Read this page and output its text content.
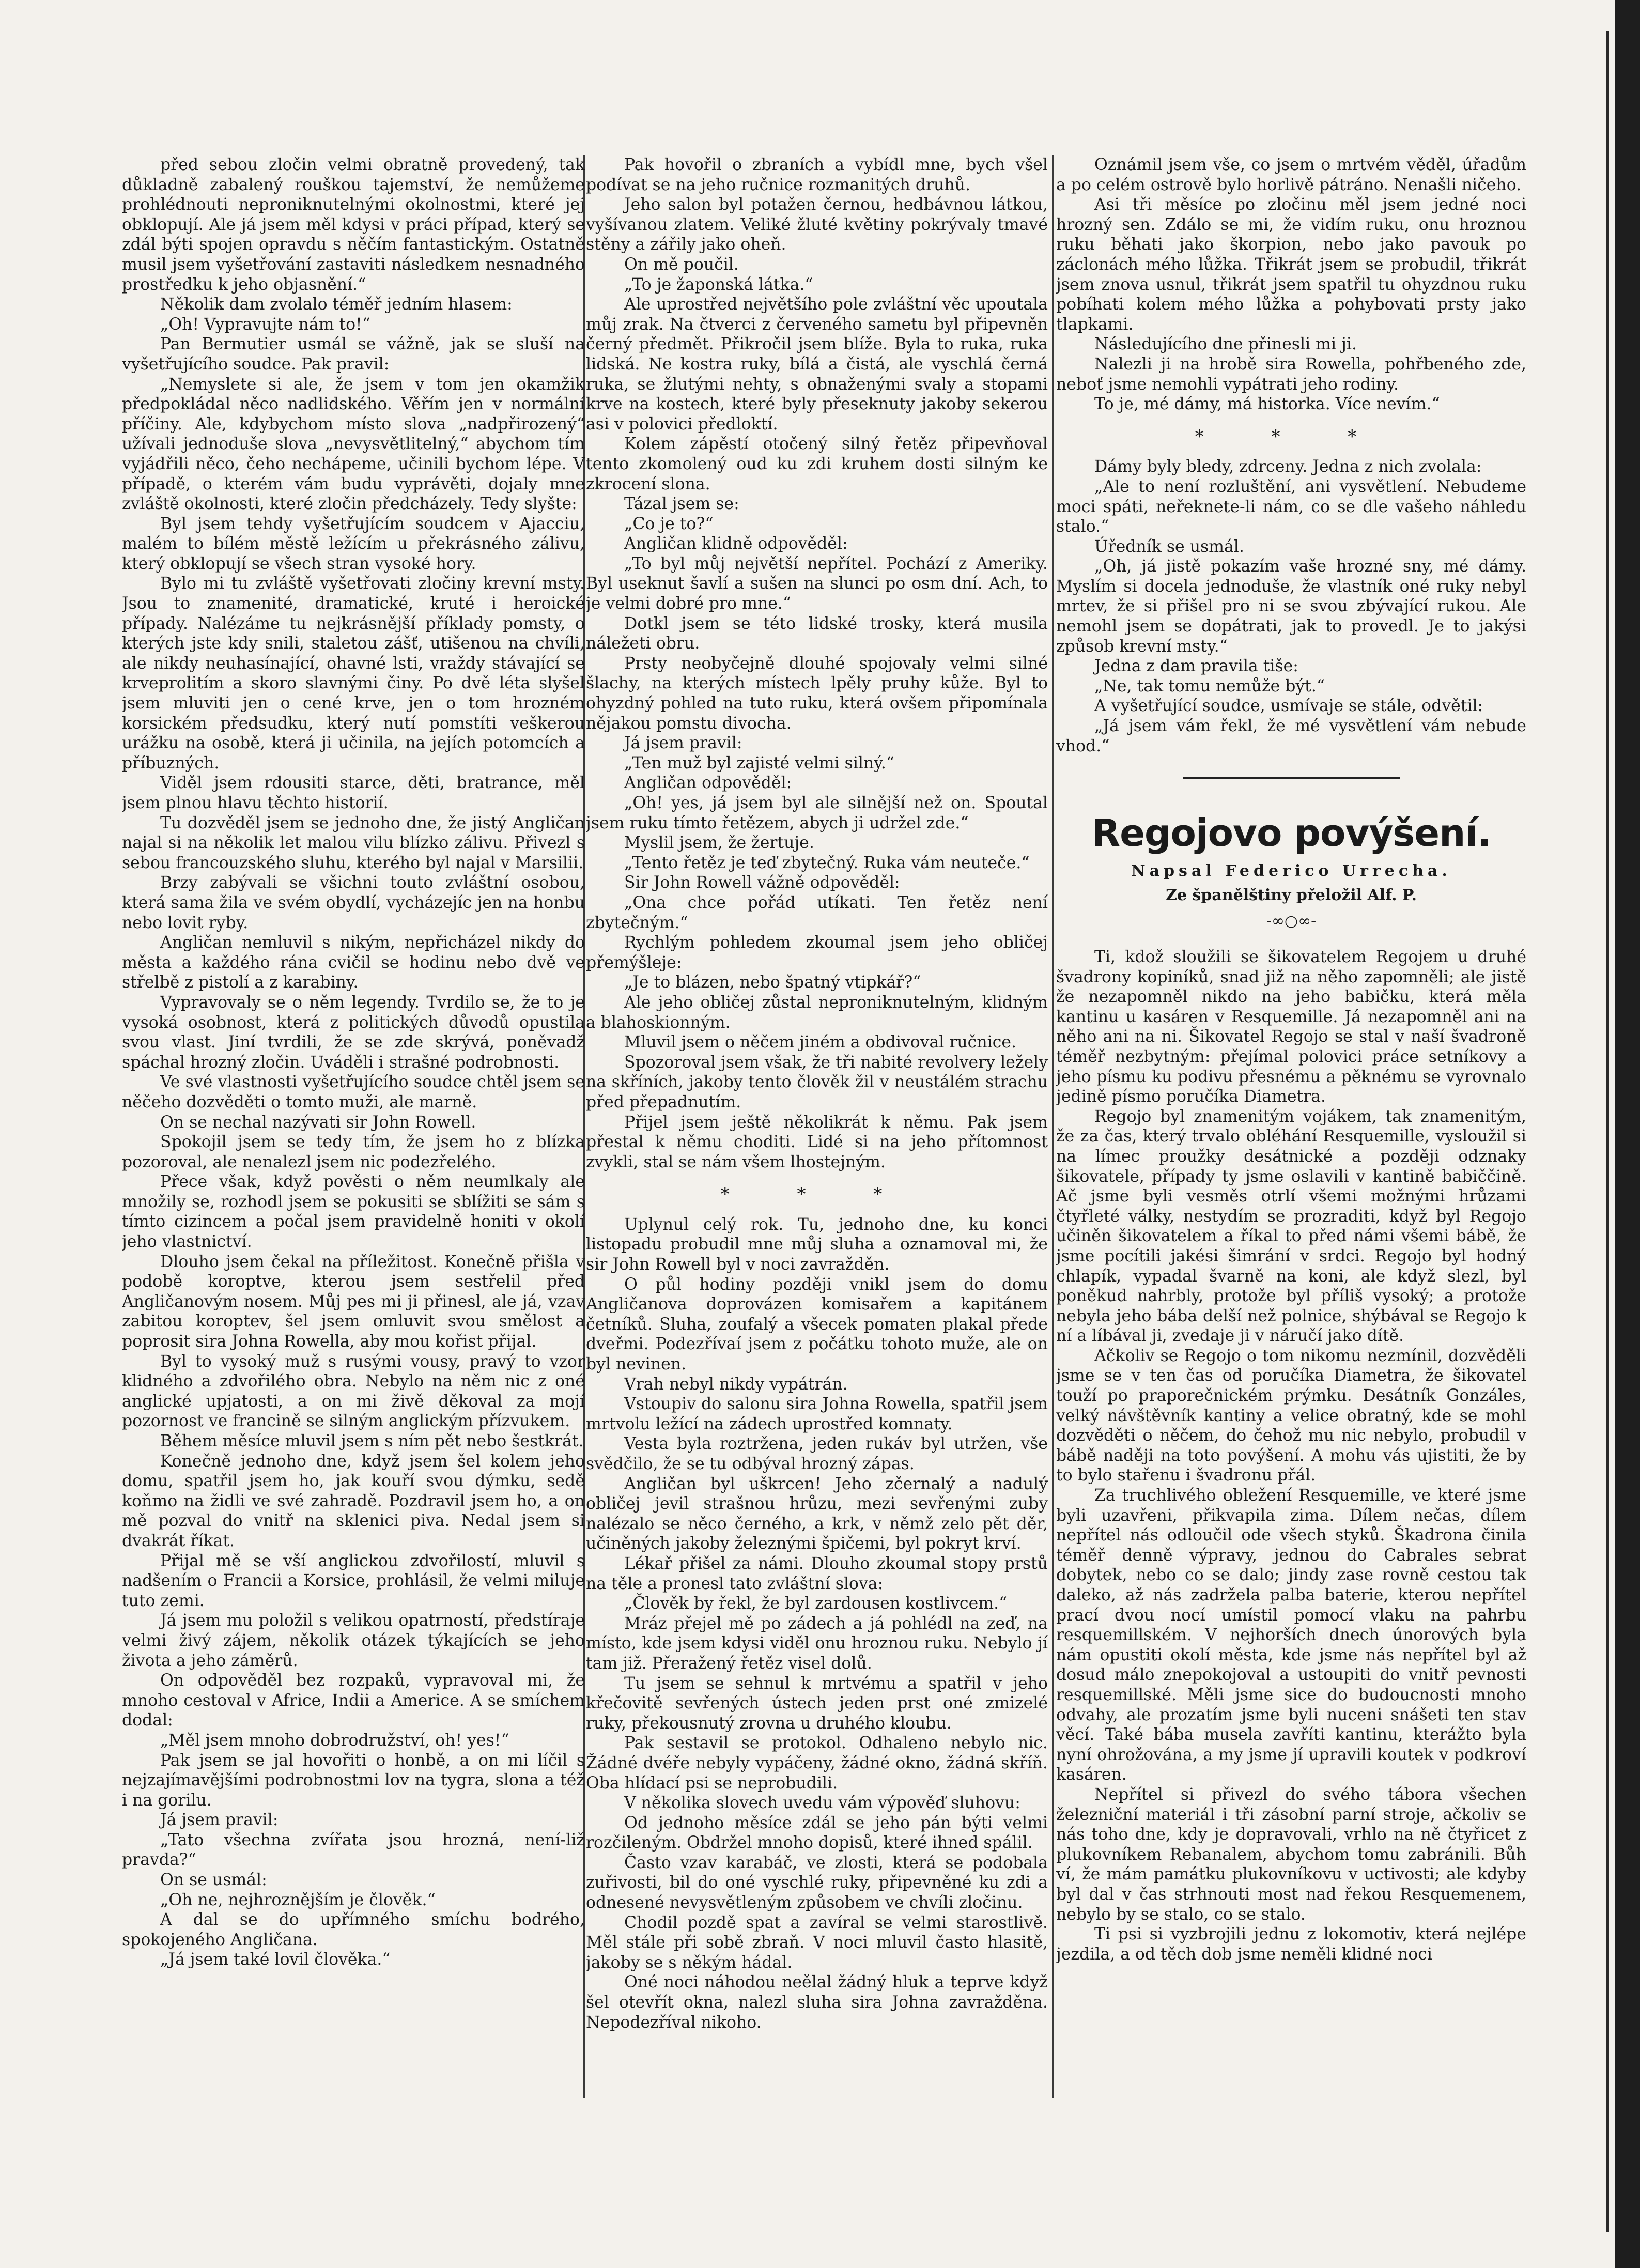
před sebou zločin velmi obratně provedený, tak důkladně zabalený rouškou tajemství, že nemůžeme prohlédnouti neproniknutelnými okolnostmi, které jej obklopují. Ale já jsem měl kdysi v práci případ, který se zdál býti spojen opravdu s něčím fantastickým. Ostatně musil jsem vyšetřování zastaviti následkem nesnadného prostředku k jeho objasnění.“

Několik dam zvolalo téměř jedním hlasem:

„Oh! Vypravujte nám to!“

Pan Bermutier usmál se vážně, jak se sluší na vyšetřujícího soudce. Pak pravil:

„Nemyslete si ale, že jsem v tom jen okamžik předpokládal něco nadlidského. Věřím jen v normální příčiny. Ale, kdybychom místo slova „nadpřirozený“ užívali jednoduše slova „nevysvětlitelný,“ abychom tím vyjádřili něco, čeho nechápeme, učinili bychom lépe. V případě, o kterém vám budu vyprávěti, dojaly mne zvláště okolnosti, které zločin předcházely. Tedy slyšte:

Byl jsem tehdy vyšetřujícím soudcem v Ajacciu, malém to bílém městě ležícím u překrásného zálivu, který obklopují se všech stran vysoké hory.

Bylo mi tu zvláště vyšetřovati zločiny krevní msty. Jsou to znamenité, dramatické, kruté i heroické případy. Nalézáme tu nejkrásnější příklady pomsty, o kterých jste kdy snili, staletou zášť, utišenou na chvíli, ale nikdy neuhasínající, ohavné lsti, vraždy stávající se krveprolitím a skoro slavnými činy. Po dvě léta slyšel jsem mluviti jen o cené krve, jen o tom hrozném korsickém předsudku, který nutí pomstíti veškerou urážku na osobě, která ji učinila, na jejích potomcích a příbuzných.

Viděl jsem rdousiti starce, děti, bratrance, měl jsem plnou hlavu těchto historií.

Tu dozvěděl jsem se jednoho dne, že jistý Angličan najal si na několik let malou vilu blízko zálivu. Přivezl s sebou francouzského sluhu, kterého byl najal v Marsilii.

Brzy zabývali se všichni touto zvláštní osobou, která sama žila ve svém obydlí, vycházejíc jen na honbu nebo lovit ryby.

Angličan nemluvil s nikým, nepřicházel nikdy do města a každého rána cvičil se hodinu nebo dvě ve střelbě z pistolí a z karabiny.

Vypravovaly se o něm legendy. Tvrdilo se, že to je vysoká osobnost, která z politických důvodů opustila svou vlast. Jiní tvrdili, že se zde skrývá, poněvadž spáchal hrozný zločin. Uváděli i strašné podrobnosti.

Ve své vlastnosti vyšetřujícího soudce chtěl jsem se něčeho dozvěděti o tomto muži, ale marně.

On se nechal nazývati sir John Rowell.

Spokojil jsem se tedy tím, že jsem ho z blízka pozoroval, ale nenalezl jsem nic podezřelého.

Přece však, když pověsti o něm neumlkaly ale množily se, rozhodl jsem se pokusiti se sblížiti se sám s tímto cizincem a počal jsem pravidelně honiti v okolí jeho vlastnictví.

Dlouho jsem čekal na příležitost. Konečně přišla v podobě koroptve, kterou jsem sestřelil před Angličanovým nosem. Můj pes mi ji přinesl, ale já, vzav zabitou koroptev, šel jsem omluvit svou smělost a poprosit sira Johna Rowella, aby mou kořist přijal.

Byl to vysoký muž s rusými vousy, pravý to vzor klidného a zdvořilého obra. Nebylo na něm nic z oné anglické upjatosti, a on mi živě děkoval za mojí pozornost ve francině se silným anglickým přízvukem.

Během měsíce mluvil jsem s ním pět nebo šestkrát.

Konečně jednoho dne, když jsem šel kolem jeho domu, spatřil jsem ho, jak kouří svou dýmku, sedě koňmo na židli ve své zahradě. Pozdravil jsem ho, a on mě pozval do vnitř na sklenici piva. Nedal jsem si dvakrát říkat.

Přijal mě se vší anglickou zdvořilostí, mluvil s nadšením o Francii a Korsice, prohlásil, že velmi miluje tuto zemi.

Já jsem mu položil s velikou opatrností, předstíraje velmi živý zájem, několik otázek týkajících se jeho života a jeho záměrů.

On odpověděl bez rozpaků, vypravoval mi, že mnoho cestoval v Africe, Indii a Americe. A se smíchem dodal:

„Měl jsem mnoho dobrodružství, oh! yes!“

Pak jsem se jal hovořiti o honbě, a on mi líčil s nejzajímavějšími podrobnostmi lov na tygra, slona a též i na gorilu.

Já jsem pravil:

„Tato všechna zvířata jsou hrozná, není-liž pravda?“

On se usmál:

„Oh ne, nejhroznějším je člověk.“

A dal se do upřímného smíchu bodrého, spokojeného Angličana.

„Já jsem také lovil člověka.“

Pak hovořil o zbraních a vybídl mne, bych všel podívat se na jeho ručnice rozmanitých druhů.

Jeho salon byl potažen černou, hedbávnou látkou, vyšívanou zlatem. Veliké žluté květiny pokrývaly tmavé stěny a zářily jako oheň.

On mě poučil.

„To je žaponská látka.“

Ale uprostřed největšího pole zvláštní věc upoutala můj zrak. Na čtverci z červeného sametu byl připevněn černý předmět. Přikročil jsem blíže. Byla to ruka, ruka lidská. Ne kostra ruky, bílá a čistá, ale vyschlá černá ruka, se žlutými nehty, s obnaženými svaly a stopami krve na kostech, které byly přeseknuty jakoby sekerou asi v polovici předloktí.

Kolem zápěstí otočený silný řetěz připevňoval tento zkomolený oud ku zdi kruhem dosti silným ke zkrocení slona.

Tázal jsem se:

„Co je to?“

Angličan klidně odpověděl:

„To byl můj největší nepřítel. Pochází z Ameriky. Byl useknut šavlí a sušen na slunci po osm dní. Ach, to je velmi dobré pro mne.“

Dotkl jsem se této lidské trosky, která musila náležeti obru.

Prsty neobyčejně dlouhé spojovaly velmi silné šlachy, na kterých místech lpěly pruhy kůže. Byl to ohyzdný pohled na tuto ruku, která ovšem připomínala nějakou pomstu divocha.

Já jsem pravil:

„Ten muž byl zajisté velmi silný.“

Angličan odpověděl:

„Oh! yes, já jsem byl ale silnější než on. Spoutal jsem ruku tímto řetězem, abych ji udržel zde.“

Myslil jsem, že žertuje.

„Tento řetěz je teď zbytečný. Ruka vám neuteče.“

Sir John Rowell vážně odpověděl:

„Ona chce pořád utíkati. Ten řetěz není zbytečným.“

Rychlým pohledem zkoumal jsem jeho obličej přemýšleje:

„Je to blázen, nebo špatný vtipkář?“

Ale jeho obličej zůstal neproniknutelným, klidným a blahoskionným.

Mluvil jsem o něčem jiném a obdivoval ručnice.

Spozoroval jsem však, že tři nabité revolvery ležely na skříních, jakoby tento člověk žil v neustálém strachu před přepadnutím.

Přijel jsem ještě několikrát k němu. Pak jsem přestal k němu choditi. Lidé si na jeho přítomnost zvykli, stal se nám všem lhostejným.

* * *

Uplynul celý rok. Tu, jednoho dne, ku konci listopadu probudil mne můj sluha a oznamoval mi, že sir John Rowell byl v noci zavražděn.

O půl hodiny později vnikl jsem do domu Angličanova doprovázen komisařem a kapitánem četníků. Sluha, zoufalý a všecek pomaten plakal přede dveřmi. Podezřívaí jsem z počátku tohoto muže, ale on byl nevinen.

Vrah nebyl nikdy vypátrán.

Vstoupiv do salonu sira Johna Rowella, spatřil jsem mrtvolu ležící na zádech uprostřed komnaty.

Vesta byla roztržena, jeden rukáv byl utržen, vše svědčilo, že se tu odbýval hrozný zápas.

Angličan byl uškrcen! Jeho zčernalý a nadulý obličej jevil strašnou hrůzu, mezi sevřenými zuby nalézalo se něco černého, a krk, v němž zelo pět děr, učiněných jakoby železnými špičemi, byl pokryt krví.

Lékař přišel za námi. Dlouho zkoumal stopy prstů na těle a pronesl tato zvláštní slova:

„Člověk by řekl, že byl zardousen kostlivcem.“

Mráz přejel mě po zádech a já pohlédl na zeď, na místo, kde jsem kdysi viděl onu hroznou ruku. Nebylo jí tam již. Přeražený řetěz visel dolů.

Tu jsem se sehnul k mrtvému a spatřil v jeho křečovitě sevřených ústech jeden prst oné zmizelé ruky, překousnutý zrovna u druhého kloubu.

Pak sestavil se protokol. Odhaleno nebylo nic. Žádné dvéře nebyly vypáčeny, žádné okno, žádná skříň. Oba hlídací psi se neprobudili.

V několika slovech uvedu vám výpověď sluhovu:

Od jednoho měsíce zdál se jeho pán býti velmi rozčileným. Obdržel mnoho dopisů, které ihned spálil.

Často vzav karabáč, ve zlosti, která se podobala zuřivosti, bil do oné vyschlé ruky, připevněné ku zdi a odnesené nevysvětleným způsobem ve chvíli zločinu.

Chodil pozdě spat a zavíral se velmi starostlivě. Měl stále při sobě zbraň. V noci mluvil často hlasitě, jakoby se s někým hádal.

Oné noci náhodou neělal žádný hluk a teprve když šel otevřít okna, nalezl sluha sira Johna zavražděna. Nepodezříval nikoho.

Oznámil jsem vše, co jsem o mrtvém věděl, úřadům a po celém ostrově bylo horlivě pátráno. Nenašli ničeho.

Asi tři měsíce po zločinu měl jsem jedné noci hrozný sen. Zdálo se mi, že vidím ruku, onu hroznou ruku běhati jako škorpion, nebo jako pavouk po záclonách mého lůžka. Třikrát jsem se probudil, třikrát jsem znova usnul, třikrát jsem spatřil tu ohyzdnou ruku pobíhati kolem mého lůžka a pohybovati prsty jako tlapkami.

Následujícího dne přinesli mi ji.

Nalezli ji na hrobě sira Rowella, pohřbeného zde, neboť jsme nemohli vypátrati jeho rodiny.

To je, mé dámy, má historka. Více nevím.“

* * *

Dámy byly bledy, zdrceny. Jedna z nich zvolala:

„Ale to není rozluštění, ani vysvětlení. Nebudeme moci spáti, neřeknete-li nám, co se dle vašeho náhledu stalo.“

Úředník se usmál.

„Oh, já jistě pokazím vaše hrozné sny, mé dámy. Myslím si docela jednoduše, že vlastník oné ruky nebyl mrtev, že si přišel pro ni se svou zbývající rukou. Ale nemohl jsem se dopátrati, jak to provedl. Je to jakýsi způsob krevní msty.“

Jedna z dam pravila tiše:

„Ne, tak tomu nemůže být.“

A vyšetřující soudce, usmívaje se stále, odvětil:

„Já jsem vám řekl, že mé vysvětlení vám nebude vhod.“

Regojovo povýšení.
Napsal Federico Urrecha.
Ze španělštiny přeložil Alf. P.
-∞○∞-

Ti, kdož sloužili se šikovatelem Regojem u druhé švadrony kopiníků, snad již na něho zapomněli; ale jistě že nezapomněl nikdo na jeho babičku, která měla kantinu u kasáren v Resquemille. Já nezapomněl ani na něho ani na ni. Šikovatel Regojo se stal v naší švadroně téměř nezbytným: přejímal polovici práce setníkovy a jeho písmu ku podivu přesnému a pěknému se vyrovnalo jedině písmo poručíka Diametra.

Regojo byl znamenitým vojákem, tak znamenitým, že za čas, který trvalo obléhání Resquemille, vysloužil si na límec proužky desátnické a později odznaky šikovatele, případy ty jsme oslavili v kantině babiččině. Ač jsme byli vesměs otrlí všemi možnými hrůzami čtyřleté války, nestydím se prozraditi, když byl Regojo učiněn šikovatelem a říkal to před námi všemi bábě, že jsme pocítili jakési šimrání v srdci. Regojo byl hodný chlapík, vypadal švarně na koni, ale když slezl, byl poněkud nahrbly, protože byl příliš vysoký; a protože nebyla jeho bába delší než polnice, shýbával se Regojo k ní a líbával ji, zvedaje ji v náručí jako dítě.

Ačkoliv se Regojo o tom nikomu nezmínil, dozvěděli jsme se v ten čas od poručíka Diametra, že šikovatel touží po praporečnickém prýmku. Desátník Gonzáles, velký návštěvník kantiny a velice obratný, kde se mohl dozvěděti o něčem, do čehož mu nic nebylo, probudil v bábě naději na toto povýšení. A mohu vás ujistiti, že by to bylo stařenu i švadronu přál.

Za truchlivého obležení Resquemille, ve které jsme byli uzavřeni, přikvapila zima. Dílem nečas, dílem nepřítel nás odloučil ode všech styků. Škadrona činila téměř denně výpravy, jednou do Cabrales sebrat dobytek, nebo co se dalo; jindy zase rovně cestou tak daleko, až nás zadržela palba baterie, kterou nepřítel prací dvou nocí umístil pomocí vlaku na pahrbu resquemillském. V nejhorších dnech únorových byla nám opustiti okolí města, kde jsme nás nepřítel byl až dosud málo znepokojoval a ustoupiti do vnitř pevnosti resquemillské. Měli jsme sice do budoucnosti mnoho odvahy, ale prozatím jsme byli nuceni snášeti ten stav věcí. Také bába musela zavříti kantinu, kterážto byla nyní ohrožována, a my jsme jí upravili koutek v podkroví kasáren.

Nepřítel si přivezl do svého tábora všechen železniční materiál i tři zásobní parní stroje, ačkoliv se nás toho dne, kdy je dopravovali, vrhlo na ně čtyřicet z plukovníkem Rebanalem, abychom tomu zabránili. Bůh ví, že mám památku plukovníkovu v uctivosti; ale kdyby byl dal v čas strhnouti most nad řekou Resquemenem, nebylo by se stalo, co se stalo.

Ti psi si vyzbrojili jednu z lokomotiv, která nejlépe jezdila, a od těch dob jsme neměli klidné noci
